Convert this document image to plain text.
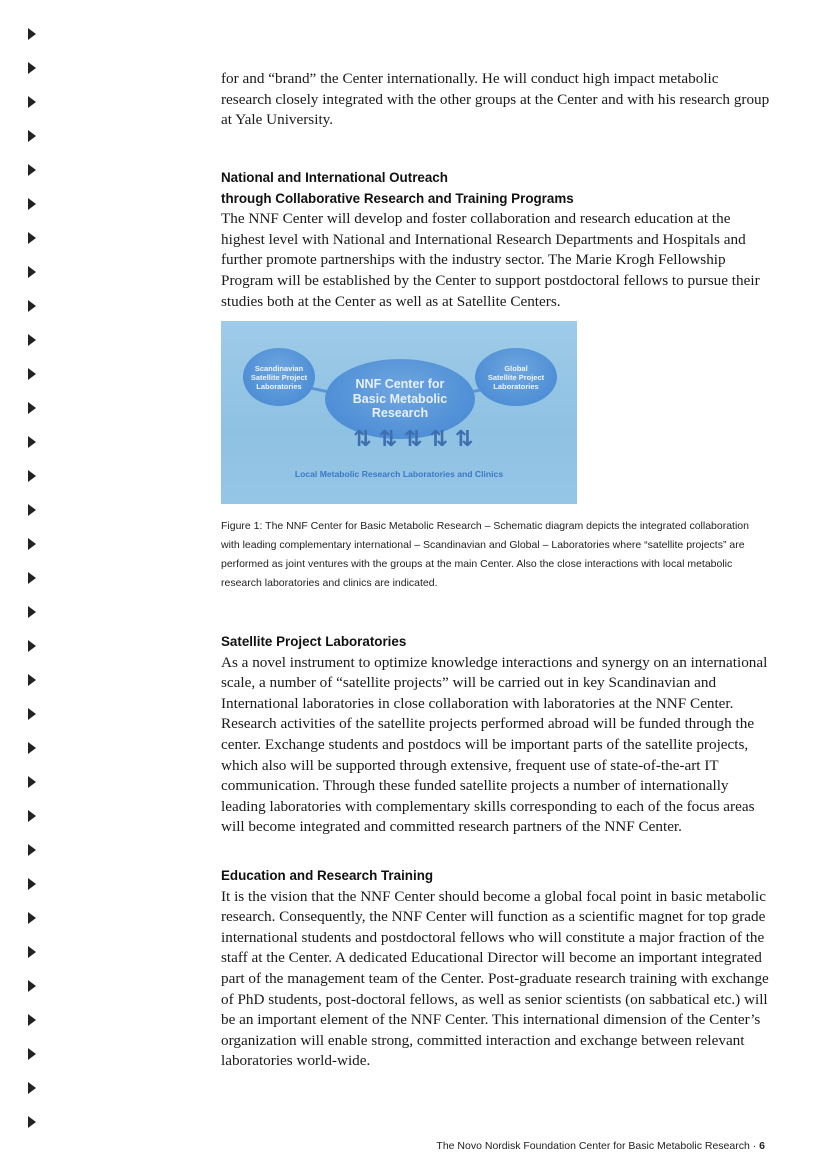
for and “brand” the Center internationally. He will conduct high impact metabolic research closely integrated with the other groups at the Center and with his research group at Yale University.

National and International Outreach

through Collaborative Research and Training Programs

The NNF Center will develop and foster collaboration and research education at the highest level with National and International Research Departments and Hospitals and further promote partnerships with the industry sector. The Marie Krogh Fellowship Program will be established by the Center to support postdoctoral fellows to pursue their studies both at the Center as well as at Satellite Centers.

Scandinavian
Satellite Project
Laboratories
Global
Satellite Project
Laboratories
NNF Center for
Basic Metabolic
Research
⇅ ⇅ ⇅ ⇅ ⇅
Local Metabolic Research Laboratories and Clinics

Figure 1: The NNF Center for Basic Metabolic Research – Schematic diagram depicts the integrated collaboration with leading complementary international – Scandinavian and Global – Laboratories where “satellite projects” are performed as joint ventures with the groups at the main Center. Also the close interactions with local metabolic research laboratories and clinics are indicated.

Satellite Project Laboratories

As a novel instrument to optimize knowledge interactions and synergy on an international scale, a number of “satellite projects” will be carried out in key Scandinavian and International laboratories in close collaboration with laboratories at the NNF Center. Research activities of the satellite projects performed abroad will be funded through the center. Exchange students and postdocs will be important parts of the satellite projects, which also will be supported through extensive, frequent use of state-of-the-art IT communication. Through these funded satellite projects a number of internationally leading laboratories with complementary skills corresponding to each of the focus areas will become integrated and committed research partners of the NNF Center.

Education and Research Training

It is the vision that the NNF Center should become a global focal point in basic metabolic research. Consequently, the NNF Center will function as a scientific magnet for top grade international students and postdoctoral fellows who will constitute a major fraction of the staff at the Center. A dedicated Educational Director will become an important integrated part of the management team of the Center. Post-graduate research training with exchange of PhD students, post-doctoral fellows, as well as senior scientists (on sabbatical etc.) will be an important element of the NNF Center. This international dimension of the Center’s organization will enable strong, committed interaction and exchange between relevant laboratories world-wide.

The Novo Nordisk Foundation Center for Basic Metabolic Research · 6
